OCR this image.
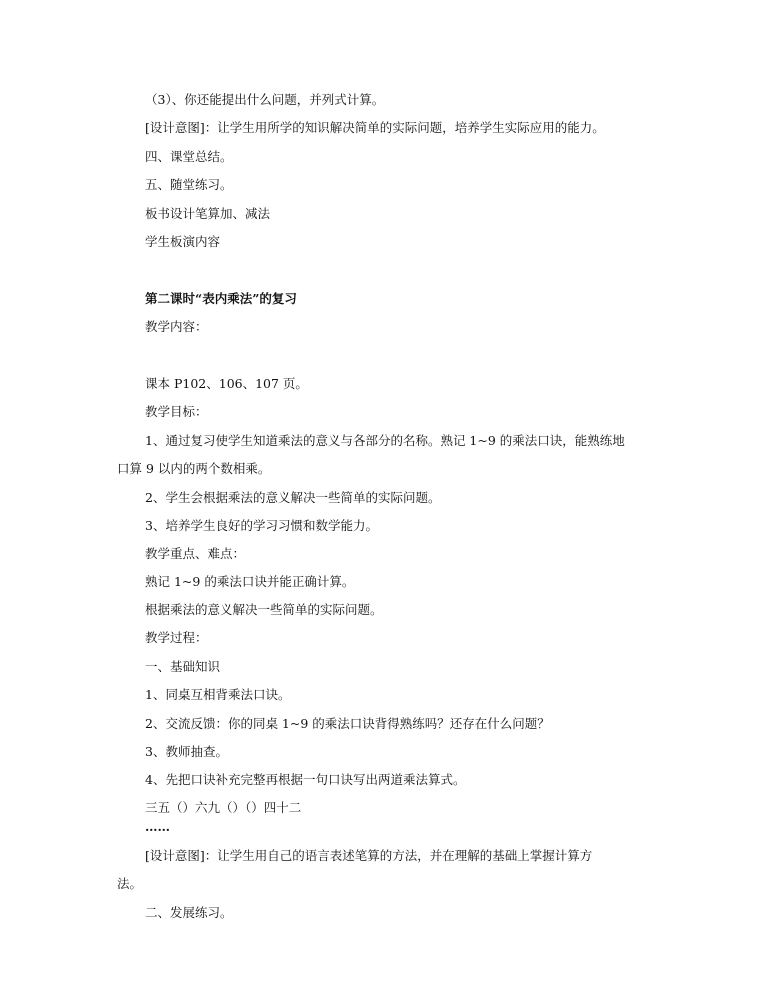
（3）、你还能提出什么问题，并列式计算。
[设计意图]：让学生用所学的知识解决简单的实际问题，培养学生实际应用的能力。
四、课堂总结。
五、随堂练习。
板书设计笔算加、减法
学生板演内容
第二课时“表内乘法”的复习
教学内容：
课本 P102、106、107 页。
教学目标：
1、通过复习使学生知道乘法的意义与各部分的名称。熟记 1~9 的乘法口诀，能熟练地
口算 9 以内的两个数相乘。
2、学生会根据乘法的意义解决一些简单的实际问题。
3、培养学生良好的学习习惯和数学能力。
教学重点、难点：
熟记 1~9 的乘法口诀并能正确计算。
根据乘法的意义解决一些简单的实际问题。
教学过程：
一、基础知识
1、同桌互相背乘法口诀。
2、交流反馈：你的同桌 1~9 的乘法口诀背得熟练吗？还存在什么问题？
3、教师抽查。
4、先把口诀补充完整再根据一句口诀写出两道乘法算式。
三五（）六九（）（）四十二
……
[设计意图]：让学生用自己的语言表述笔算的方法，并在理解的基础上掌握计算方
法。
二、发展练习。
